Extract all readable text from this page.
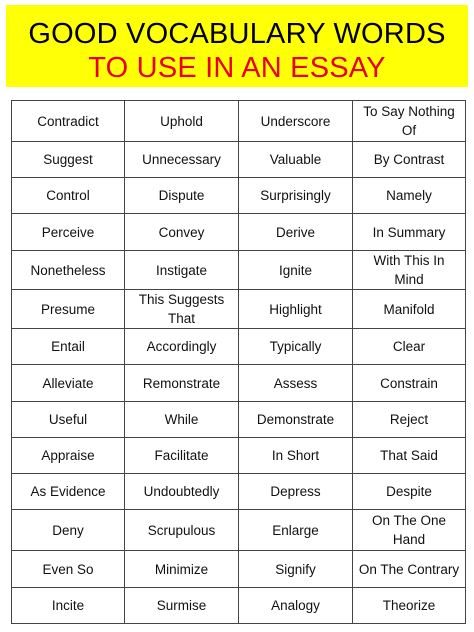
GOOD VOCABULARY WORDS
TO USE IN AN ESSAY
Contradict	Uphold	Underscore	To Say Nothing Of
Suggest	Unnecessary	Valuable	By Contrast
Control	Dispute	Surprisingly	Namely
Perceive	Convey	Derive	In Summary
Nonetheless	Instigate	Ignite	With This In Mind
Presume	This Suggests That	Highlight	Manifold
Entail	Accordingly	Typically	Clear
Alleviate	Remonstrate	Assess	Constrain
Useful	While	Demonstrate	Reject
Appraise	Facilitate	In Short	That Said
As Evidence	Undoubtedly	Depress	Despite
Deny	Scrupulous	Enlarge	On The One Hand
Even So	Minimize	Signify	On The Contrary
Incite	Surmise	Analogy	Theorize
